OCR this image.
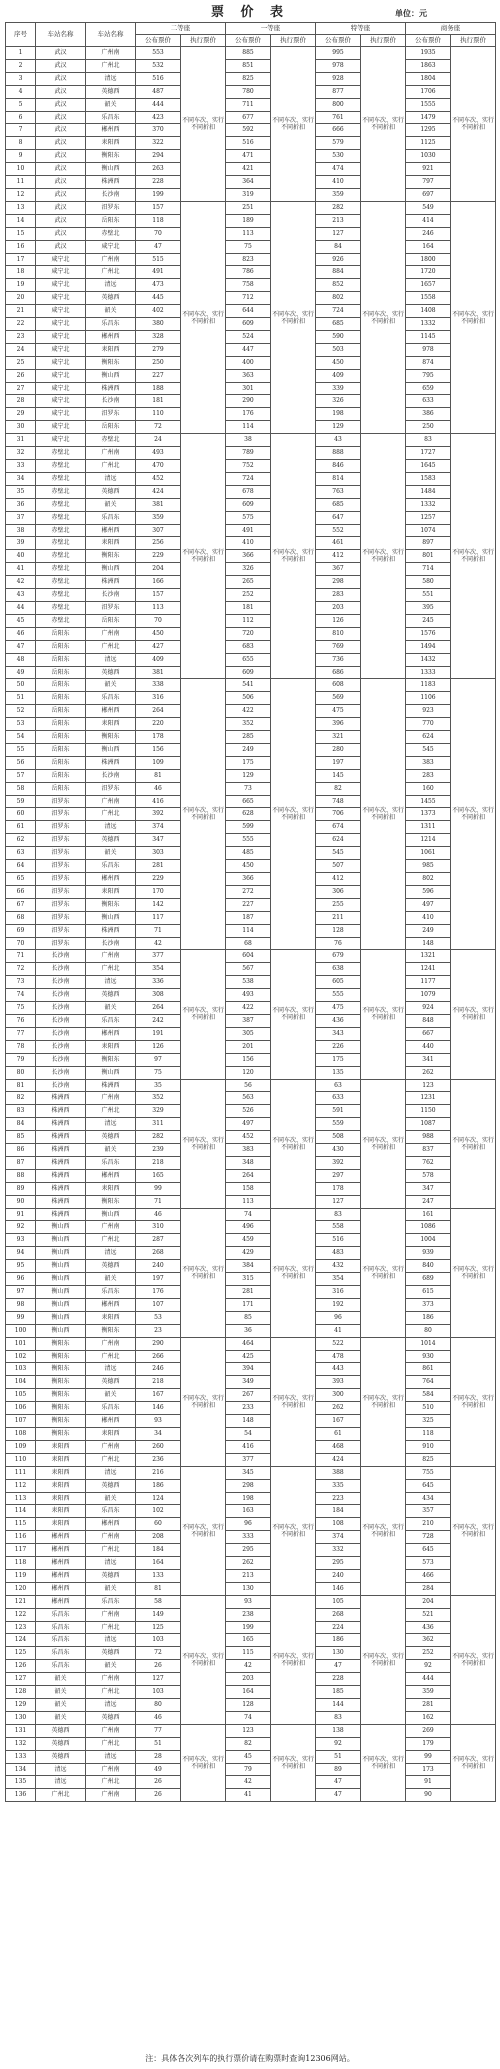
票 价 表	单位：元
序号	车站名称	车站名称	二等座		一等座		特等座		商务座	
			公布票价	执行票价	公布票价	执行票价	公布票价	执行票价	公布票价	执行票价
1	武汉	广州南	553	不同车次、实行不同折扣	885	不同车次、实行不同折扣	995	不同车次、实行不同折扣	1935	不同车次、实行不同折扣
2	武汉	广州北	532		851		978		1863	
3	武汉	清远	516		825		928		1804	
4	武汉	英德西	487		780		877		1706	
5	武汉	韶关	444		711		800		1555	
6	武汉	乐昌东	423		677		761		1479	
7	武汉	郴州西	370		592		666		1295	
8	武汉	耒阳西	322		516		579		1125	
9	武汉	衡阳东	294		471		530		1030	
10	武汉	衡山西	263		421		474		921	
11	武汉	株洲西	228		364		410		797	
12	武汉	长沙南	199		319		359		697	
13	武汉	汨罗东	157	不同车次、实行不同折扣	251	不同车次、实行不同折扣	282	不同车次、实行不同折扣	549	不同车次、实行不同折扣
14	武汉	岳阳东	118		189		213		414	
15	武汉	赤壁北	70		113		127		246	
16	武汉	咸宁北	47		75		84		164	
17	咸宁北	广州南	515		823		926		1800	
18	咸宁北	广州北	491		786		884		1720	
19	咸宁北	清远	473		758		852		1657	
20	咸宁北	英德西	445		712		802		1558	
21	咸宁北	韶关	402		644		724		1408	
22	咸宁北	乐昌东	380		609		685		1332	
23	咸宁北	郴州西	328		524		590		1145	
24	咸宁北	耒阳西	279		447		503		978	
25	咸宁北	衡阳东	250		400		450		874	
26	咸宁北	衡山西	227		363		409		795	
27	咸宁北	株洲西	188		301		339		659	
28	咸宁北	长沙南	181		290		326		633	
29	咸宁北	汨罗东	110		176		198		386	
30	咸宁北	岳阳东	72		114		129		250	
31	咸宁北	赤壁北	24	不同车次、实行不同折扣	38	不同车次、实行不同折扣	43	不同车次、实行不同折扣	83	不同车次、实行不同折扣
32	赤壁北	广州南	493		789		888		1727	
33	赤壁北	广州北	470		752		846		1645	
34	赤壁北	清远	452		724		814		1583	
35	赤壁北	英德西	424		678		763		1484	
36	赤壁北	韶关	381		609		685		1332	
37	赤壁北	乐昌东	359		575		647		1257	
38	赤壁北	郴州西	307		491		552		1074	
39	赤壁北	耒阳西	256		410		461		897	
40	赤壁北	衡阳东	229		366		412		801	
41	赤壁北	衡山西	204		326		367		714	
42	赤壁北	株洲西	166		265		298		580	
43	赤壁北	长沙南	157		252		283		551	
44	赤壁北	汨罗东	113		181		203		395	
45	赤壁北	岳阳东	70		112		126		245	
46	岳阳东	广州南	450		720		810		1576	
47	岳阳东	广州北	427		683		769		1494	
48	岳阳东	清远	409		655		736		1432	
49	岳阳东	英德西	381		609		686		1333	
50	岳阳东	韶关	338	不同车次、实行不同折扣	541	不同车次、实行不同折扣	608	不同车次、实行不同折扣	1183	不同车次、实行不同折扣
51	岳阳东	乐昌东	316		506		569		1106	
52	岳阳东	郴州西	264		422		475		923	
53	岳阳东	耒阳西	220		352		396		770	
54	岳阳东	衡阳东	178		285		321		624	
55	岳阳东	衡山西	156		249		280		545	
56	岳阳东	株洲西	109		175		197		383	
57	岳阳东	长沙南	81		129		145		283	
58	岳阳东	汨罗东	46		73		82		160	
59	汨罗东	广州南	416		665		748		1455	
60	汨罗东	广州北	392		628		706		1373	
61	汨罗东	清远	374		599		674		1311	
62	汨罗东	英德西	347		555		624		1214	
63	汨罗东	韶关	303		485		545		1061	
64	汨罗东	乐昌东	281		450		507		985	
65	汨罗东	郴州西	229		366		412		802	
66	汨罗东	耒阳西	170		272		306		596	
67	汨罗东	衡阳东	142		227		255		497	
68	汨罗东	衡山西	117		187		211		410	
69	汨罗东	株洲西	71		114		128		249	
70	汨罗东	长沙南	42		68		76		148	
71	长沙南	广州南	377	不同车次、实行不同折扣	604	不同车次、实行不同折扣	679	不同车次、实行不同折扣	1321	不同车次、实行不同折扣
72	长沙南	广州北	354		567		638		1241	
73	长沙南	清远	336		538		605		1177	
74	长沙南	英德西	308		493		555		1079	
75	长沙南	韶关	264		422		475		924	
76	长沙南	乐昌东	242		387		436		848	
77	长沙南	郴州西	191		305		343		667	
78	长沙南	耒阳西	126		201		226		440	
79	长沙南	衡阳东	97		156		175		341	
80	长沙南	衡山西	75		120		135		262	
81	长沙南	株洲西	35	不同车次、实行不同折扣	56	不同车次、实行不同折扣	63	不同车次、实行不同折扣	123	不同车次、实行不同折扣
82	株洲西	广州南	352		563		633		1231	
83	株洲西	广州北	329		526		591		1150	
84	株洲西	清远	311		497		559		1087	
85	株洲西	英德西	282		452		508		988	
86	株洲西	韶关	239		383		430		837	
87	株洲西	乐昌东	218		348		392		762	
88	株洲西	郴州西	165		264		297		578	
89	株洲西	耒阳西	99		158		178		347	
90	株洲西	衡阳东	71		113		127		247	
91	株洲西	衡山西	46	不同车次、实行不同折扣	74	不同车次、实行不同折扣	83	不同车次、实行不同折扣	161	不同车次、实行不同折扣
92	衡山西	广州南	310		496		558		1086	
93	衡山西	广州北	287		459		516		1004	
94	衡山西	清远	268		429		483		939	
95	衡山西	英德西	240		384		432		840	
96	衡山西	韶关	197		315		354		689	
97	衡山西	乐昌东	176		281		316		615	
98	衡山西	郴州西	107		171		192		373	
99	衡山西	耒阳西	53		85		96		186	
100	衡山西	衡阳东	23		36		41		80	
101	衡阳东	广州南	290	不同车次、实行不同折扣	464	不同车次、实行不同折扣	522	不同车次、实行不同折扣	1014	不同车次、实行不同折扣
102	衡阳东	广州北	266		425		478		930	
103	衡阳东	清远	246		394		443		861	
104	衡阳东	英德西	218		349		393		764	
105	衡阳东	韶关	167		267		300		584	
106	衡阳东	乐昌东	146		233		262		510	
107	衡阳东	郴州西	93		148		167		325	
108	衡阳东	耒阳西	34		54		61		118	
109	耒阳西	广州南	260		416		468		910	
110	耒阳西	广州北	236		377		424		825	
111	耒阳西	清远	216	不同车次、实行不同折扣	345	不同车次、实行不同折扣	388	不同车次、实行不同折扣	755	不同车次、实行不同折扣
112	耒阳西	英德西	186		298		335		645	
113	耒阳西	韶关	124		198		223		434	
114	耒阳西	乐昌东	102		163		184		357	
115	耒阳西	郴州西	60		96		108		210	
116	郴州西	广州南	208		333		374		728	
117	郴州西	广州北	184		295		332		645	
118	郴州西	清远	164		262		295		573	
119	郴州西	英德西	133		213		240		466	
120	郴州西	韶关	81		130		146		284	
121	郴州西	乐昌东	58	不同车次、实行不同折扣	93	不同车次、实行不同折扣	105	不同车次、实行不同折扣	204	不同车次、实行不同折扣
122	乐昌东	广州南	149		238		268		521	
123	乐昌东	广州北	125		199		224		436	
124	乐昌东	清远	103		165		186		362	
125	乐昌东	英德西	72		115		130		252	
126	乐昌东	韶关	26		42		47		92	
127	韶关	广州南	127		203		228		444	
128	韶关	广州北	103		164		185		359	
129	韶关	清远	80		128		144		281	
130	韶关	英德西	46		74		83		162	
131	英德西	广州南	77	不同车次、实行不同折扣	123	不同车次、实行不同折扣	138	不同车次、实行不同折扣	269	不同车次、实行不同折扣
132	英德西	广州北	51		82		92		179	
133	英德西	清远	28		45		51		99	
134	清远	广州南	49		79		89		173	
135	清远	广州北	26		42		47		91	
136	广州北	广州南	26		41		47		90	
注：具体各次列车的执行票价请在购票时查询12306网站。
